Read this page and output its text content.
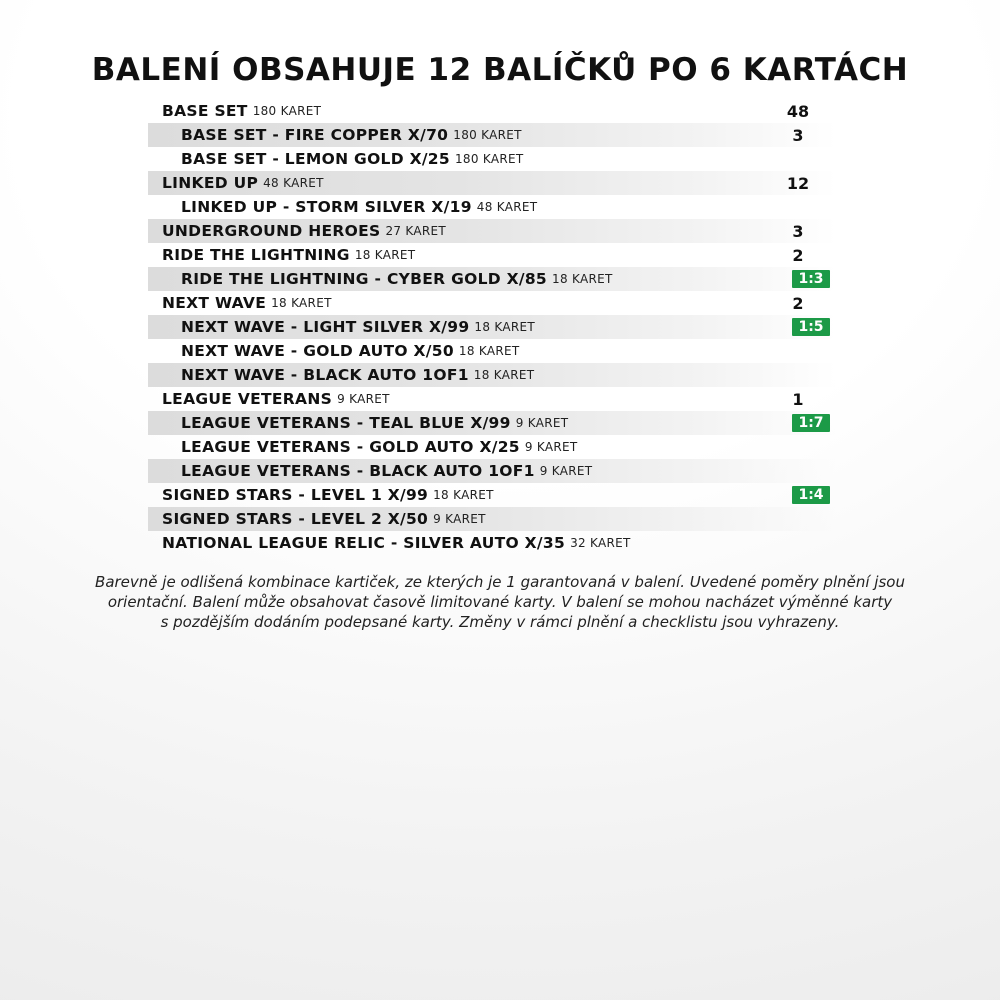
BALENÍ OBSAHUJE 12 BALÍČKŮ PO 6 KARTÁCH
BASE SET 180 KARET	48
BASE SET - FIRE COPPER X/70 180 KARET	3
BASE SET - LEMON GOLD X/25 180 KARET
LINKED UP 48 KARET	12
LINKED UP - STORM SILVER X/19 48 KARET
UNDERGROUND HEROES 27 KARET	3
RIDE THE LIGHTNING 18 KARET	2
RIDE THE LIGHTNING - CYBER GOLD X/85 18 KARET	1:3
NEXT WAVE 18 KARET	2
NEXT WAVE - LIGHT SILVER X/99 18 KARET	1:5
NEXT WAVE - GOLD AUTO X/50 18 KARET
NEXT WAVE - BLACK AUTO 1OF1 18 KARET
LEAGUE VETERANS 9 KARET	1
LEAGUE VETERANS - TEAL BLUE X/99 9 KARET	1:7
LEAGUE VETERANS - GOLD AUTO X/25 9 KARET
LEAGUE VETERANS - BLACK AUTO 1OF1 9 KARET
SIGNED STARS - LEVEL 1 X/99 18 KARET	1:4
SIGNED STARS - LEVEL 2 X/50 9 KARET
NATIONAL LEAGUE RELIC - SILVER AUTO X/35 32 KARET
Barevně je odlišená kombinace kartiček, ze kterých je 1 garantovaná v balení. Uvedené poměry plnění jsou
orientační. Balení může obsahovat časově limitované karty. V balení se mohou nacházet výměnné karty
s pozdějším dodáním podepsané karty. Změny v rámci plnění a checklistu jsou vyhrazeny.
